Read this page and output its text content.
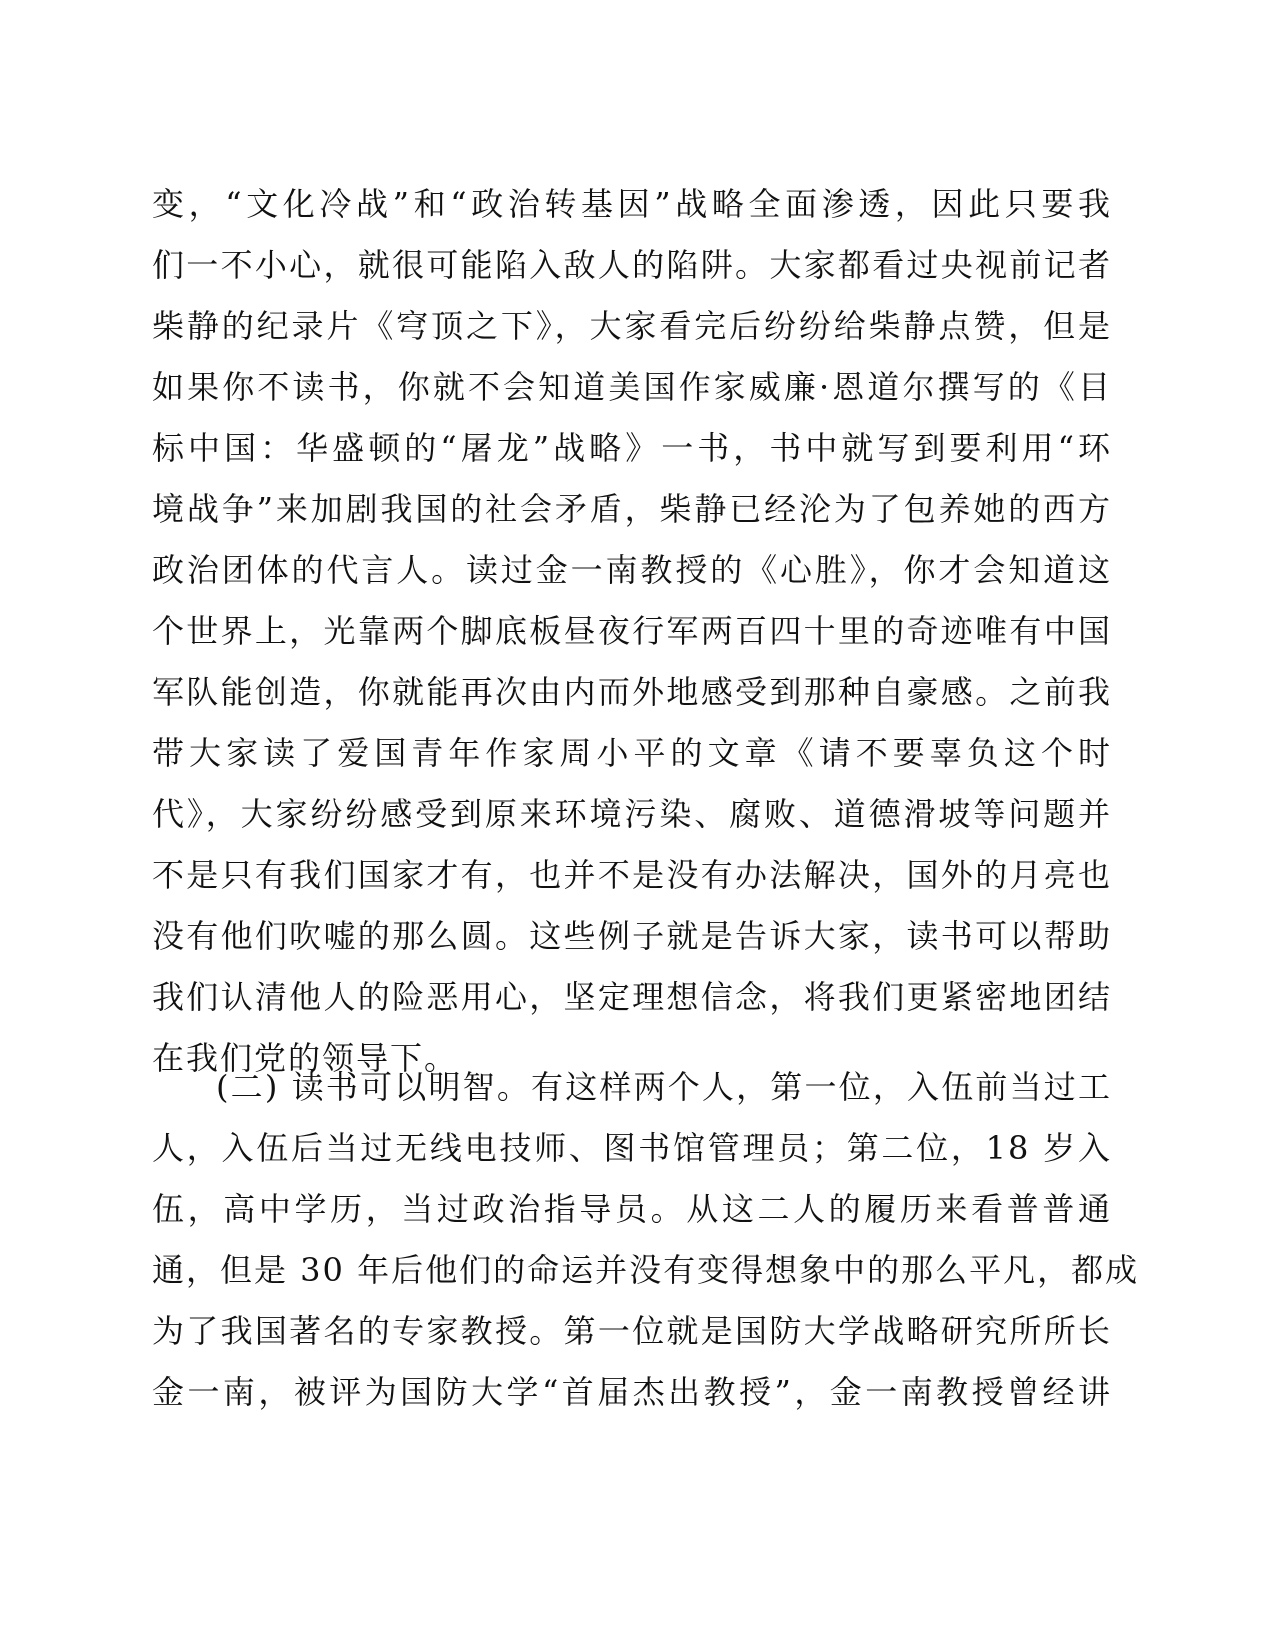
变，“文化冷战”和“政治转基因”战略全面渗透，因此只要我
们一不小心，就很可能陷入敌人的陷阱。大家都看过央视前记者
柴静的纪录片《穹顶之下》，大家看完后纷纷给柴静点赞，但是
如果你不读书，你就不会知道美国作家威廉·恩道尔撰写的《目
标中国：华盛顿的“屠龙”战略》一书，书中就写到要利用“环
境战争”来加剧我国的社会矛盾，柴静已经沦为了包养她的西方
政治团体的代言人。读过金一南教授的《心胜》，你才会知道这
个世界上，光靠两个脚底板昼夜行军两百四十里的奇迹唯有中国
军队能创造，你就能再次由内而外地感受到那种自豪感。之前我
带大家读了爱国青年作家周小平的文章《请不要辜负这个时
代》，大家纷纷感受到原来环境污染、腐败、道德滑坡等问题并
不是只有我们国家才有，也并不是没有办法解决，国外的月亮也
没有他们吹嘘的那么圆。这些例子就是告诉大家，读书可以帮助
我们认清他人的险恶用心，坚定理想信念，将我们更紧密地团结
在我们党的领导下。
(二) 读书可以明智。有这样两个人，第一位，入伍前当过工
人，入伍后当过无线电技师、图书馆管理员；第二位，18 岁入
伍，高中学历，当过政治指导员。从这二人的履历来看普普通
通，但是 30 年后他们的命运并没有变得想象中的那么平凡，都成
为了我国著名的专家教授。第一位就是国防大学战略研究所所长
金一南，被评为国防大学“首届杰出教授”，金一南教授曾经讲
